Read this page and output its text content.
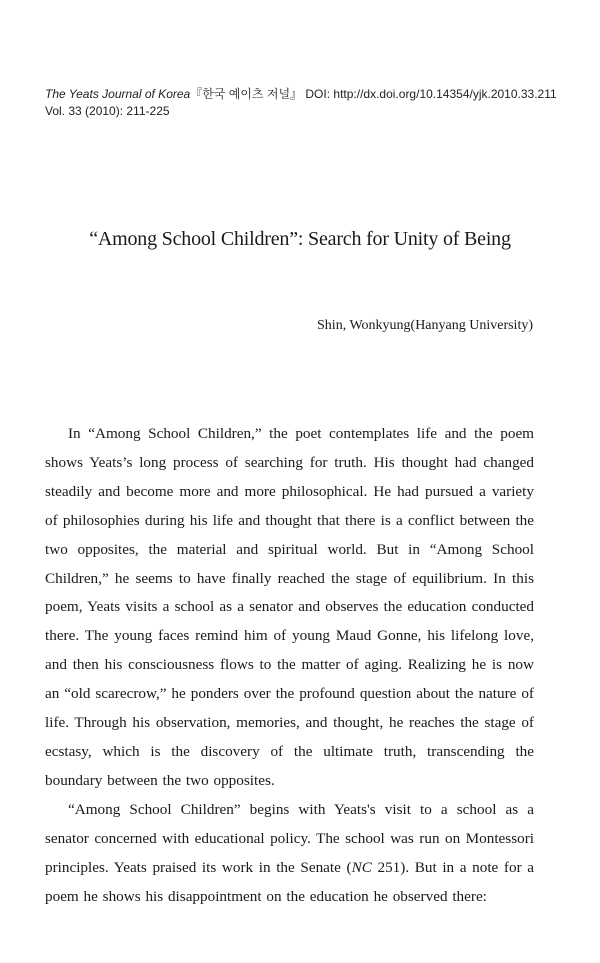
The Yeats Journal of Korea『한국 예이츠 저널』 DOI: http://dx.doi.org/10.14354/yjk.2010.33.211
Vol. 33 (2010): 211-225
“Among School Children”: Search for Unity of Being
Shin, Wonkyung(Hanyang University)

In “Among School Children,” the poet contemplates life and the poem shows Yeats’s long process of searching for truth. His thought had changed steadily and become more and more philosophical. He had pursued a variety of philosophies during his life and thought that there is a conflict between the two opposites, the material and spiritual world. But in “Among School Children,” he seems to have finally reached the stage of equilibrium. In this poem, Yeats visits a school as a senator and observes the education conducted there. The young faces remind him of young Maud Gonne, his lifelong love, and then his consciousness flows to the matter of aging. Realizing he is now an “old scarecrow,” he ponders over the profound question about the nature of life. Through his observation, memories, and thought, he reaches the stage of ecstasy, which is the discovery of the ultimate truth, transcending the boundary between the two opposites.

“Among School Children” begins with Yeats's visit to a school as a senator concerned with educational policy. The school was run on Montessori principles. Yeats praised its work in the Senate (NC 251). But in a note for a poem he shows his disappointment on the education he observed there:
